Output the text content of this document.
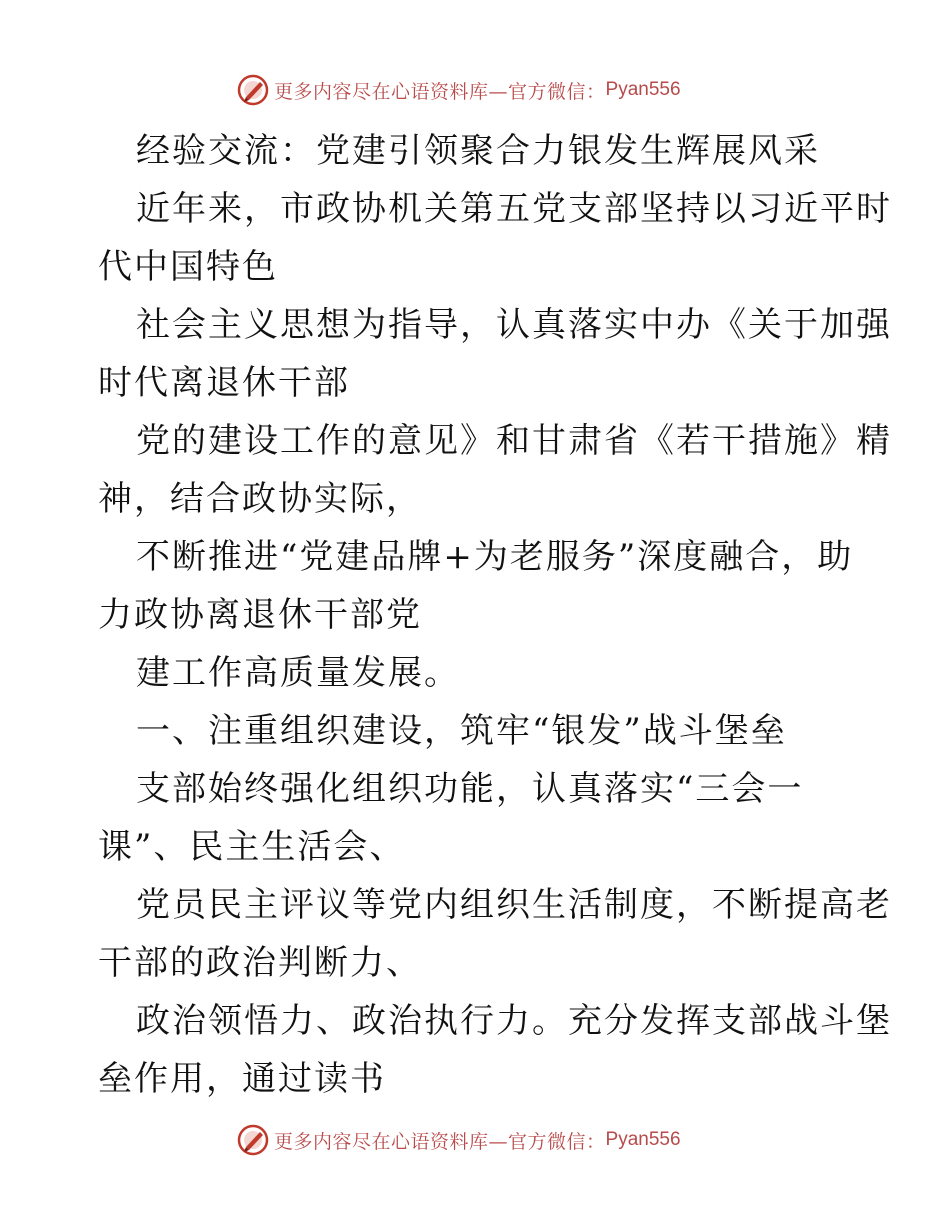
更多内容尽在心语资料库—官方微信： Pyan556
经验交流：党建引领聚合力银发生辉展风采
近年来，市政协机关第五党支部坚持以习近平时
代中国特色
社会主义思想为指导，认真落实中办《关于加强
时代离退休干部
党的建设工作的意见》和甘肃省《若干措施》精
神，结合政协实际，
不断推进“党建品牌+为老服务”深度融合，助
力政协离退休干部党
建工作高质量发展。
一、注重组织建设，筑牢“银发”战斗堡垒
支部始终强化组织功能，认真落实“三会一
课”、民主生活会、
党员民主评议等党内组织生活制度，不断提高老
干部的政治判断力、
政治领悟力、政治执行力。充分发挥支部战斗堡
垒作用，通过读书
更多内容尽在心语资料库—官方微信： Pyan556
